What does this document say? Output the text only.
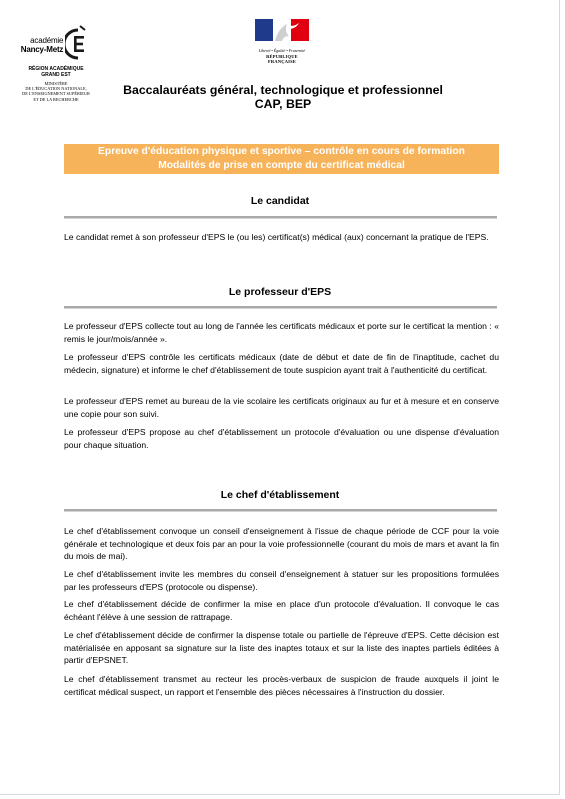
académie
Nancy-Metz
RÉGION ACADÉMIQUE
GRAND EST
MINISTÈRE
DE L'ÉDUCATION NATIONALE,
DE L'ENSEIGNEMENT SUPÉRIEUR
ET DE LA RECHERCHE
Liberté • Égalité • Fraternité
RÉPUBLIQUE FRANÇAISE
Baccalauréats général, technologique et professionnel
CAP, BEP
Epreuve d'éducation physique et sportive – contrôle en cours de formation
Modalités de prise en compte du certificat médical
Le candidat

Le candidat remet à son professeur d'EPS le (ou les) certificat(s) médical (aux) concernant la pratique de l'EPS.

Le professeur d'EPS

Le professeur d'EPS collecte tout au long de l'année les certificats médicaux et porte sur le certificat la mention : « remis le jour/mois/année ».

Le professeur d'EPS contrôle les certificats médicaux (date de début et date de fin de l'inaptitude, cachet du médecin, signature) et informe le chef d'établissement de toute suspicion ayant trait à l'authenticité du certificat.

Le professeur d'EPS remet au bureau de la vie scolaire les certificats originaux au fur et à mesure et en conserve une copie pour son suivi.

Le professeur d'EPS propose au chef d'établissement un protocole d'évaluation ou une dispense d'évaluation pour chaque situation.

Le chef d'établissement

Le chef d'établissement convoque un conseil d'enseignement à l'issue de chaque période de CCF pour la voie générale et technologique et deux fois par an pour la voie professionnelle (courant du mois de mars et avant la fin du mois de mai).

Le chef d'établissement invite les membres du conseil d'enseignement à statuer sur les propositions formulées par les professeurs d'EPS (protocole ou dispense).

Le chef d'établissement décide de confirmer la mise en place d'un protocole d'évaluation. Il convoque le cas échéant l'élève à une session de rattrapage.

Le chef d'établissement décide de confirmer la dispense totale ou partielle de l'épreuve d'EPS. Cette décision est matérialisée en apposant sa signature sur la liste des inaptes totaux et sur la liste des inaptes partiels éditées à partir d'EPSNET.

Le chef d'établissement transmet au recteur les procès-verbaux de suspicion de fraude auxquels il joint le certificat médical suspect, un rapport et l'ensemble des pièces nécessaires à l'instruction du dossier.
